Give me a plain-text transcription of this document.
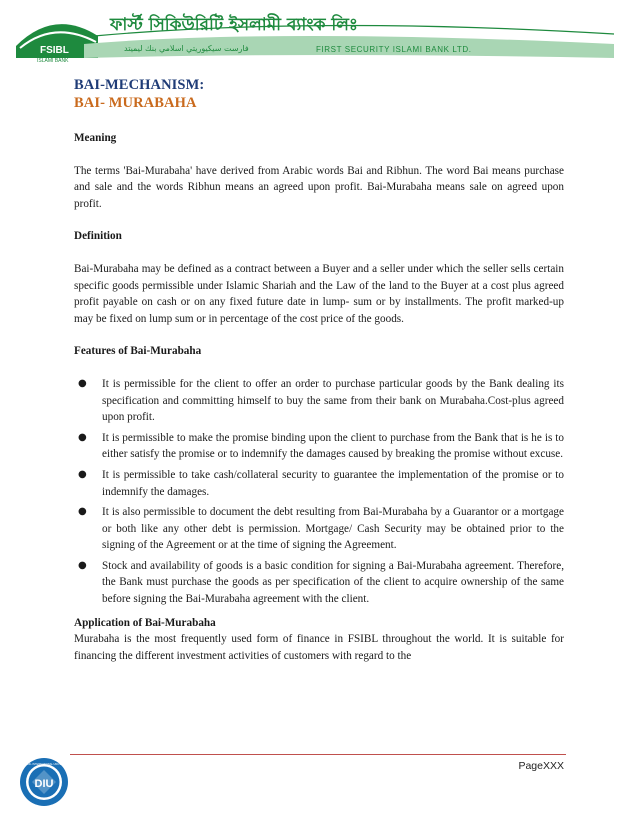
FSIBL
ISLAMI BANK
ফার্স্ট সিকিউরিটি ইসলামী ব্যাংক লিঃ
فارست سيكيوريتي اسلامي بنك ليميتد	FIRST SECURITY ISLAMI BANK LTD.
BAI-MECHANISM:
BAI- MURABAHA
Meaning

The terms 'Bai-Murabaha' have derived from Arabic words Bai and Ribhun. The word Bai means purchase and sale and the words Ribhun means an agreed upon profit. Bai-Murabaha means sale on agreed upon profit.

Definition

Bai-Murabaha may be defined as a contract between a Buyer and a seller under which the seller sells certain specific goods permissible under Islamic Shariah and the Law of the land to the Buyer at a cost plus agreed profit payable on cash or on any fixed future date in lump- sum or by installments. The profit marked-up may be fixed on lump sum or in percentage of the cost price of the goods.

Features of Bai-Murabaha
● It is permissible for the client to offer an order to purchase particular goods by the Bank dealing its specification and committing himself to buy the same from their bank on Murabaha.Cost-plus agreed upon profit.
● It is permissible to make the promise binding upon the client to purchase from the Bank that is he is to either satisfy the promise or to indemnify the damages caused by breaking the promise without excuse.
● It is permissible to take cash/collateral security to guarantee the implementation of the promise or to indemnify the damages.
● It is also permissible to document the debt resulting from Bai-Murabaha by a Guarantor or a mortgage or both like any other debt is permission. Mortgage/ Cash Security may be obtained prior to the signing of the Agreement or at the time of signing the Agreement.
● Stock and availability of goods is a basic condition for signing a Bai-Murabaha agreement. Therefore, the Bank must purchase the goods as per specification of the client to acquire ownership of the same before signing the Bai-Murabaha agreement with the client.
Application of Bai-Murabaha

Murabaha is the most frequently used form of finance in FSIBL throughout the world. It is suitable for financing the different investment activities of customers with regard to the

PageXXX
DIU
DAFFODIL INTERNATIONAL UNIVERSITY
